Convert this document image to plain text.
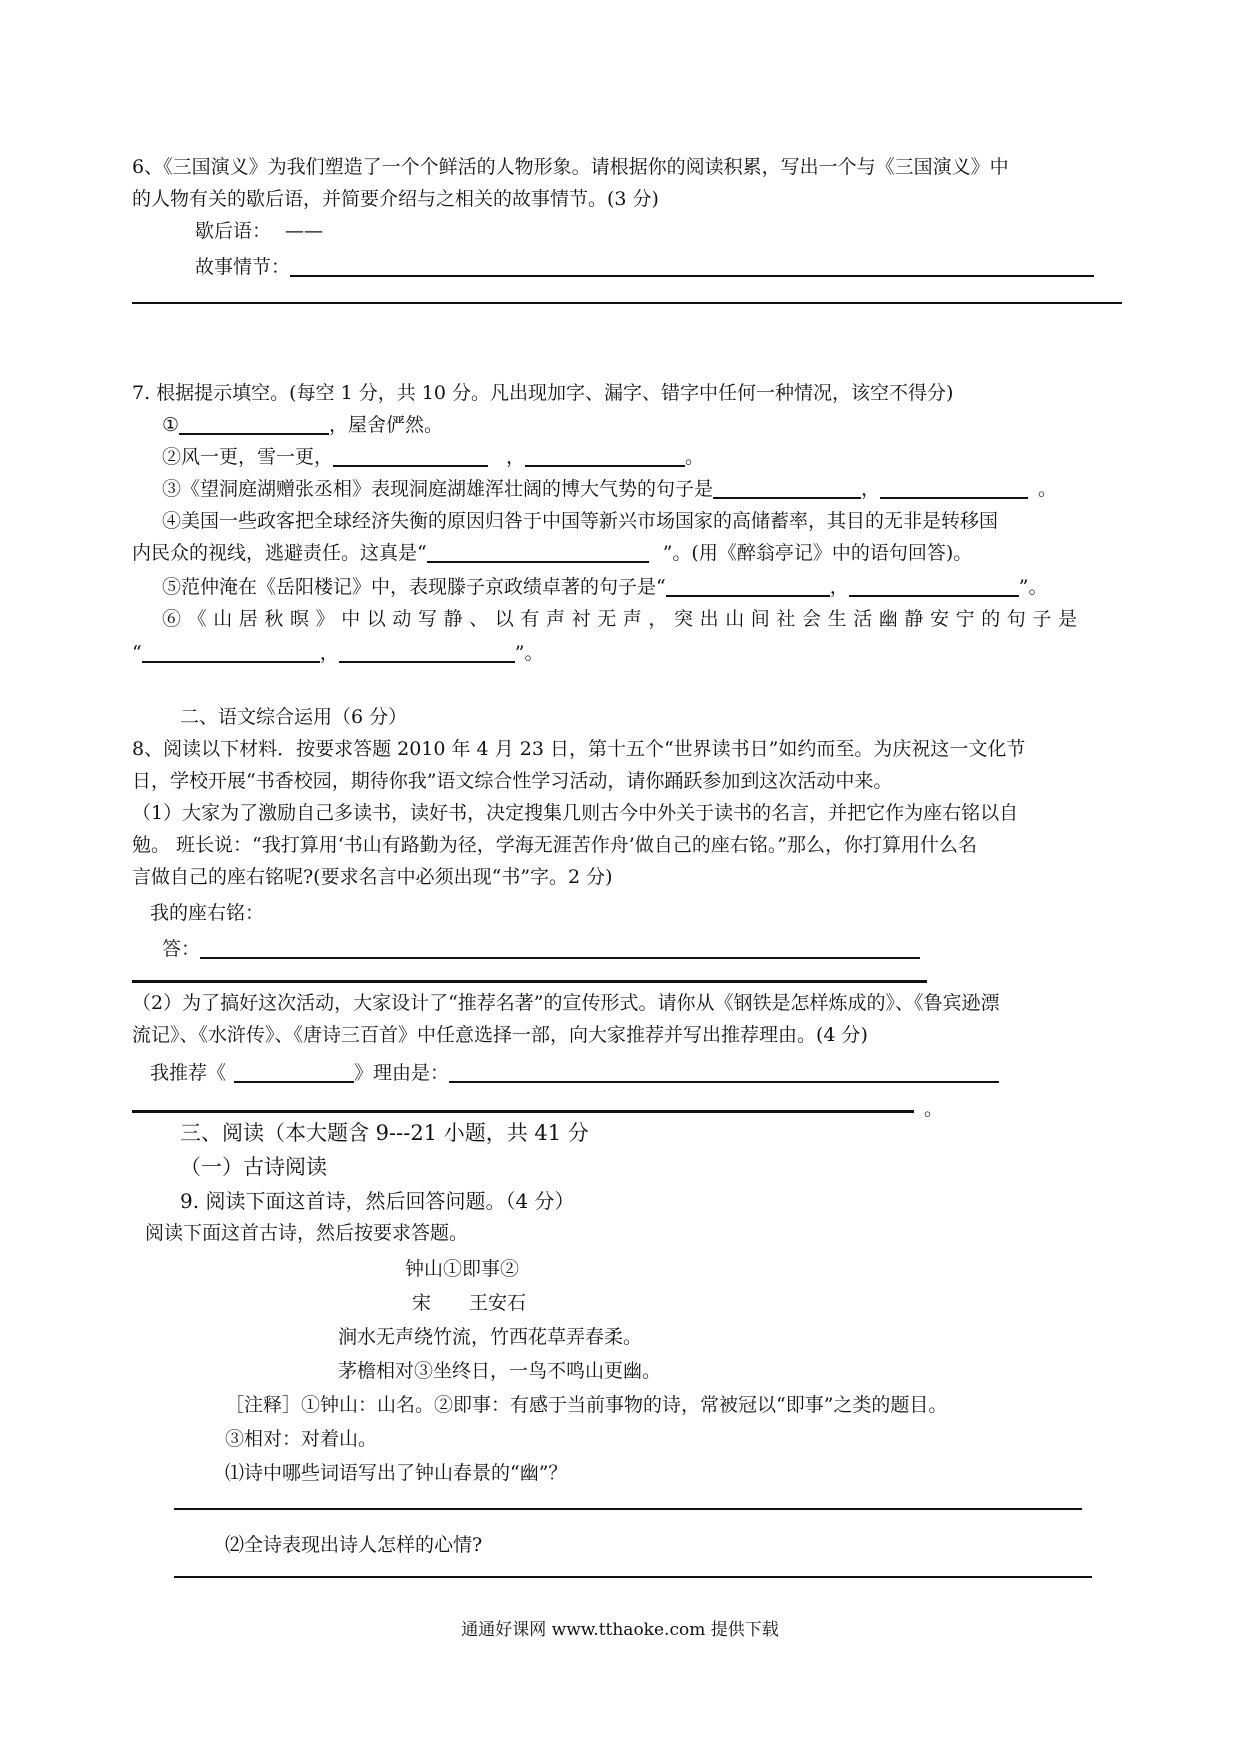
6、《三国演义》为我们塑造了一个个鲜活的人物形象。请根据你的阅读积累，写出一个与《三国演义》中
的人物有关的歇后语，并简要介绍与之相关的故事情节。(3 分)
歇后语： ——
故事情节：
7. 根据提示填空。(每空 1 分，共 10 分。凡出现加字、漏字、错字中任何一种情况，该空不得分)
①	，屋舍俨然。
②风一更，雪一更，	，	。
③《望洞庭湖赠张丞相》表现洞庭湖雄浑壮阔的博大气势的句子是	，	。
④美国一些政客把全球经济失衡的原因归咎于中国等新兴市场国家的高储蓄率，其目的无非是转移国
内民众的视线，逃避责任。这真是“	”。(用《醉翁亭记》中的语句回答)。
⑤范仲淹在《岳阳楼记》中，表现滕子京政绩卓著的句子是“	，	”。
⑥《山居秋暝》中以动写静、以有声衬无声，突出山间社会生活幽静安宁的句子是
“	，	”。
二、语文综合运用（6 分）
8、阅读以下材料．按要求答题 2010 年 4 月 23 日，第十五个“世界读书日”如约而至。为庆祝这一文化节
日，学校开展“书香校园，期待你我”语文综合性学习活动，请你踊跃参加到这次活动中来。
（1）大家为了激励自己多读书，读好书，决定搜集几则古今中外关于读书的名言，并把它作为座右铭以自
勉。 班长说：“我打算用‘书山有路勤为径，学海无涯苦作舟’做自己的座右铭。”那么，你打算用什么名
言做自己的座右铭呢?(要求名言中必须出现“书”字。2 分)
我的座右铭：
答：
（2）为了搞好这次活动，大家设计了“推荐名著”的宣传形式。请你从《钢铁是怎样炼成的》、《鲁宾逊漂
流记》、《水浒传》、《唐诗三百首》中任意选择一部，向大家推荐并写出推荐理由。(4 分)
我推荐《	》理由是：
。
三、阅读（本大题含 9---21 小题，共 41 分
（一）古诗阅读
9. 阅读下面这首诗，然后回答问题。（4 分）
阅读下面这首古诗，然后按要求答题。
钟山①即事②
宋　　王安石
涧水无声绕竹流，竹西花草弄春柔。
茅檐相对③坐终日，一鸟不鸣山更幽。
［注释］①钟山：山名。②即事：有感于当前事物的诗，常被冠以“即事”之类的题目。
③相对：对着山。
⑴诗中哪些词语写出了钟山春景的“幽”？
⑵全诗表现出诗人怎样的心情?
通通好课网 www.tthaoke.com 提供下载
